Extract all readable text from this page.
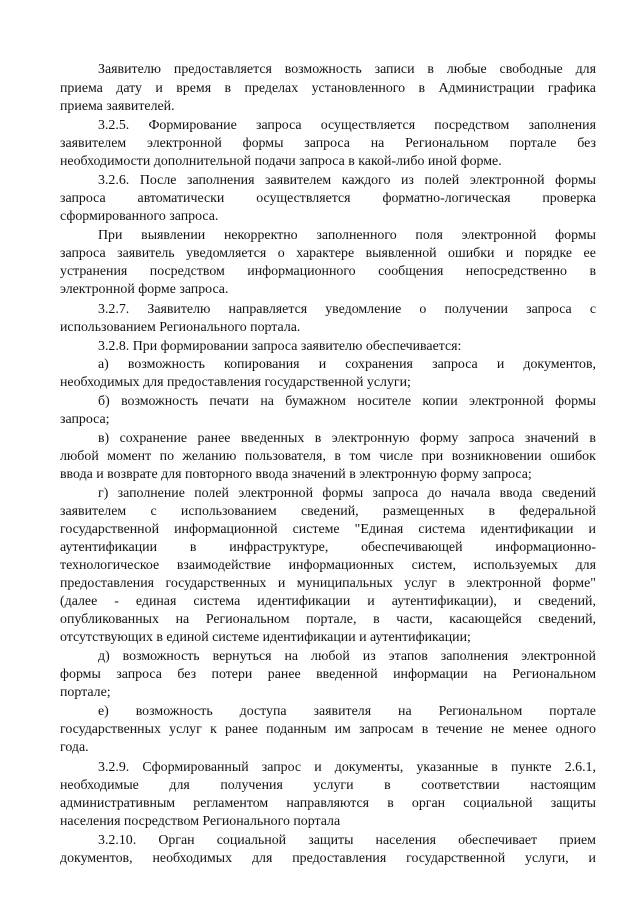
Заявителю предоставляется возможность записи в любые свободные для
приема дату и время в пределах установленного в Администрации графика
приема заявителей.
3.2.5. Формирование запроса осуществляется посредством заполнения
заявителем электронной формы запроса на Региональном портале без
необходимости дополнительной подачи запроса в какой-либо иной форме.
3.2.6. После заполнения заявителем каждого из полей электронной формы
запроса автоматически осуществляется форматно-логическая проверка
сформированного запроса.
При выявлении некорректно заполненного поля электронной формы
запроса заявитель уведомляется о характере выявленной ошибки и порядке ее
устранения посредством информационного сообщения непосредственно в
электронной форме запроса.
3.2.7. Заявителю направляется уведомление о получении запроса с
использованием Регионального портала.
3.2.8. При формировании запроса заявителю обеспечивается:
а) возможность копирования и сохранения запроса и документов,
необходимых для предоставления государственной услуги;
б) возможность печати на бумажном носителе копии электронной формы
запроса;
в) сохранение ранее введенных в электронную форму запроса значений в
любой момент по желанию пользователя, в том числе при возникновении ошибок
ввода и возврате для повторного ввода значений в электронную форму запроса;
г) заполнение полей электронной формы запроса до начала ввода сведений
заявителем с использованием сведений, размещенных в федеральной
государственной информационной системе "Единая система идентификации и
аутентификации в инфраструктуре, обеспечивающей информационно-
технологическое взаимодействие информационных систем, используемых для
предоставления государственных и муниципальных услуг в электронной форме"
(далее - единая система идентификации и аутентификации), и сведений,
опубликованных на Региональном портале, в части, касающейся сведений,
отсутствующих в единой системе идентификации и аутентификации;
д) возможность вернуться на любой из этапов заполнения электронной
формы запроса без потери ранее введенной информации на Региональном
портале;
е) возможность доступа заявителя на Региональном портале
государственных услуг к ранее поданным им запросам в течение не менее одного
года.
3.2.9. Сформированный запрос и документы, указанные в пункте 2.6.1,
необходимые для получения услуги в соответствии настоящим
административным регламентом направляются в орган социальной защиты
населения посредством Регионального портала
3.2.10. Орган социальной защиты населения обеспечивает прием
документов, необходимых для предоставления государственной услуги, и
